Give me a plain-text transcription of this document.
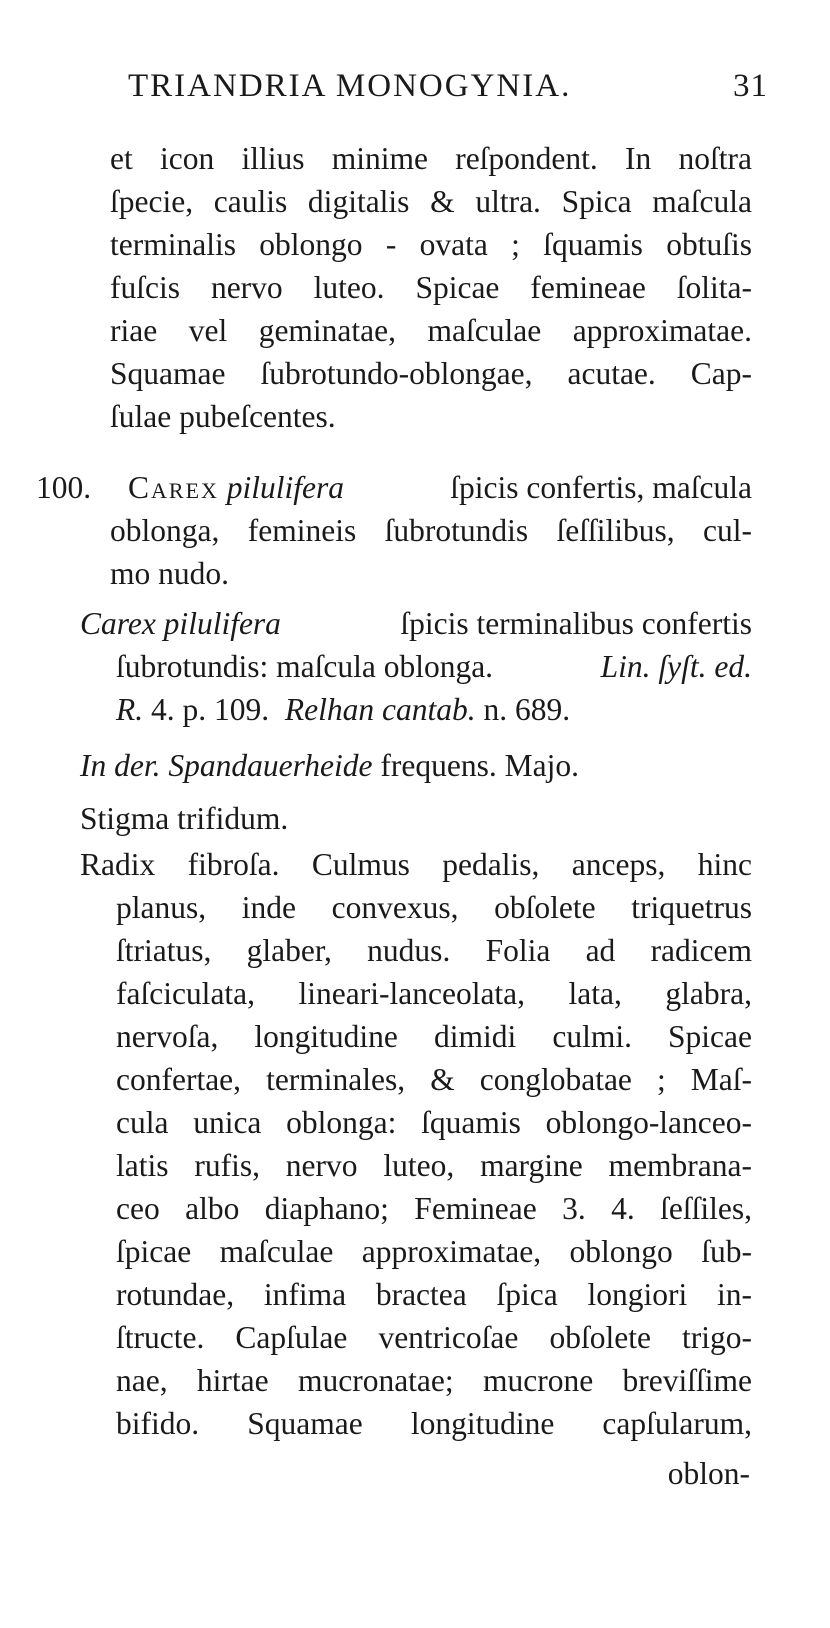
TRIANDRIA MONOGYNIA.	31
et icon illius minime reſpondent. In noſtra
ſpecie, caulis digitalis & ultra. Spica maſcula
terminalis oblongo - ovata ; ſquamis obtuſis
fuſcis nervo luteo. Spicae femineae ſolita-
riae vel geminatae, maſculae approximatae.
Squamae ſubrotundo-oblongae, acutae. Cap-
ſulae pubeſcentes.
100. Carex pilulifera	ſpicis confertis, maſcula
oblonga, femineis ſubrotundis ſeſſilibus, cul-
mo nudo.
Carex pilulifera	ſpicis terminalibus confertis
ſubrotundis: maſcula oblonga.	Lin. ſyſt. ed.
R. 4. p. 109. Relhan cantab. n. 689.
In der. Spandauerheide frequens. Majo.
Stigma trifidum.
Radix fibroſa. Culmus pedalis, anceps, hinc
planus, inde convexus, obſolete triquetrus
ſtriatus, glaber, nudus. Folia ad radicem
faſciculata, lineari-lanceolata, lata, glabra,
nervoſa, longitudine dimidi culmi. Spicae
confertae, terminales, & conglobatae ; Maſ-
cula unica oblonga: ſquamis oblongo-lanceo-
latis rufis, nervo luteo, margine membrana-
ceo albo diaphano; Femineae 3. 4. ſeſſiles,
ſpicae maſculae approximatae, oblongo ſub-
rotundae, infima bractea ſpica longiori in-
ſtructe. Capſulae ventricoſae obſolete trigo-
nae, hirtae mucronatae; mucrone breviſſime
bifido. Squamae longitudine capſularum,
oblon-
